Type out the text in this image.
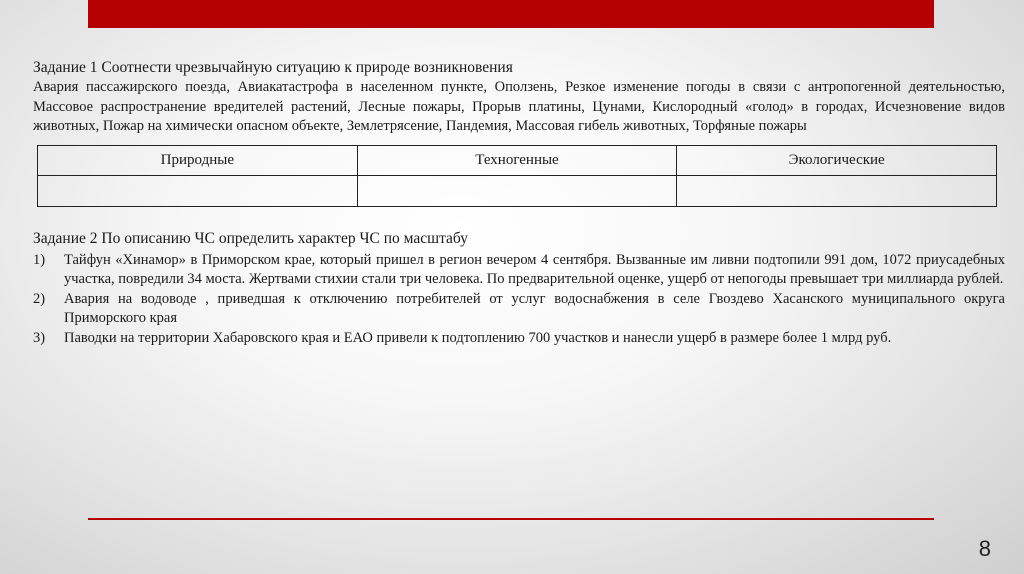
Задание 1 Соотнести чрезвычайную ситуацию к природе возникновения

Авария пассажирского поезда, Авиакатастрофа в населенном пункте, Оползень, Резкое изменение погоды в связи с антропогенной деятельностью, Массовое распространение вредителей растений, Лесные пожары, Прорыв платины, Цунами, Кислородный «голод» в городах, Исчезновение видов животных, Пожар на химически опасном объекте, Землетрясение, Пандемия, Массовая гибель животных, Торфяные пожары

Природные	Техногенные	Экологические

Задание 2 По описанию ЧС определить характер ЧС по масштабу

1) Тайфун «Хинамор» в Приморском крае, который пришел в регион вечером 4 сентября. Вызванные им ливни подтопили 991 дом, 1072 приусадебных участка, повредили 34 моста. Жертвами стихии стали три человека. По предварительной оценке, ущерб от непогоды превышает три миллиарда рублей.
2) Авария на водоводе , приведшая к отключению потребителей от услуг водоснабжения в селе Гвоздево Хасанского муниципального округа Приморского края
3) Паводки на территории Хабаровского края и ЕАО привели к подтоплению 700 участков и нанесли ущерб в размере более 1 млрд руб.
8
